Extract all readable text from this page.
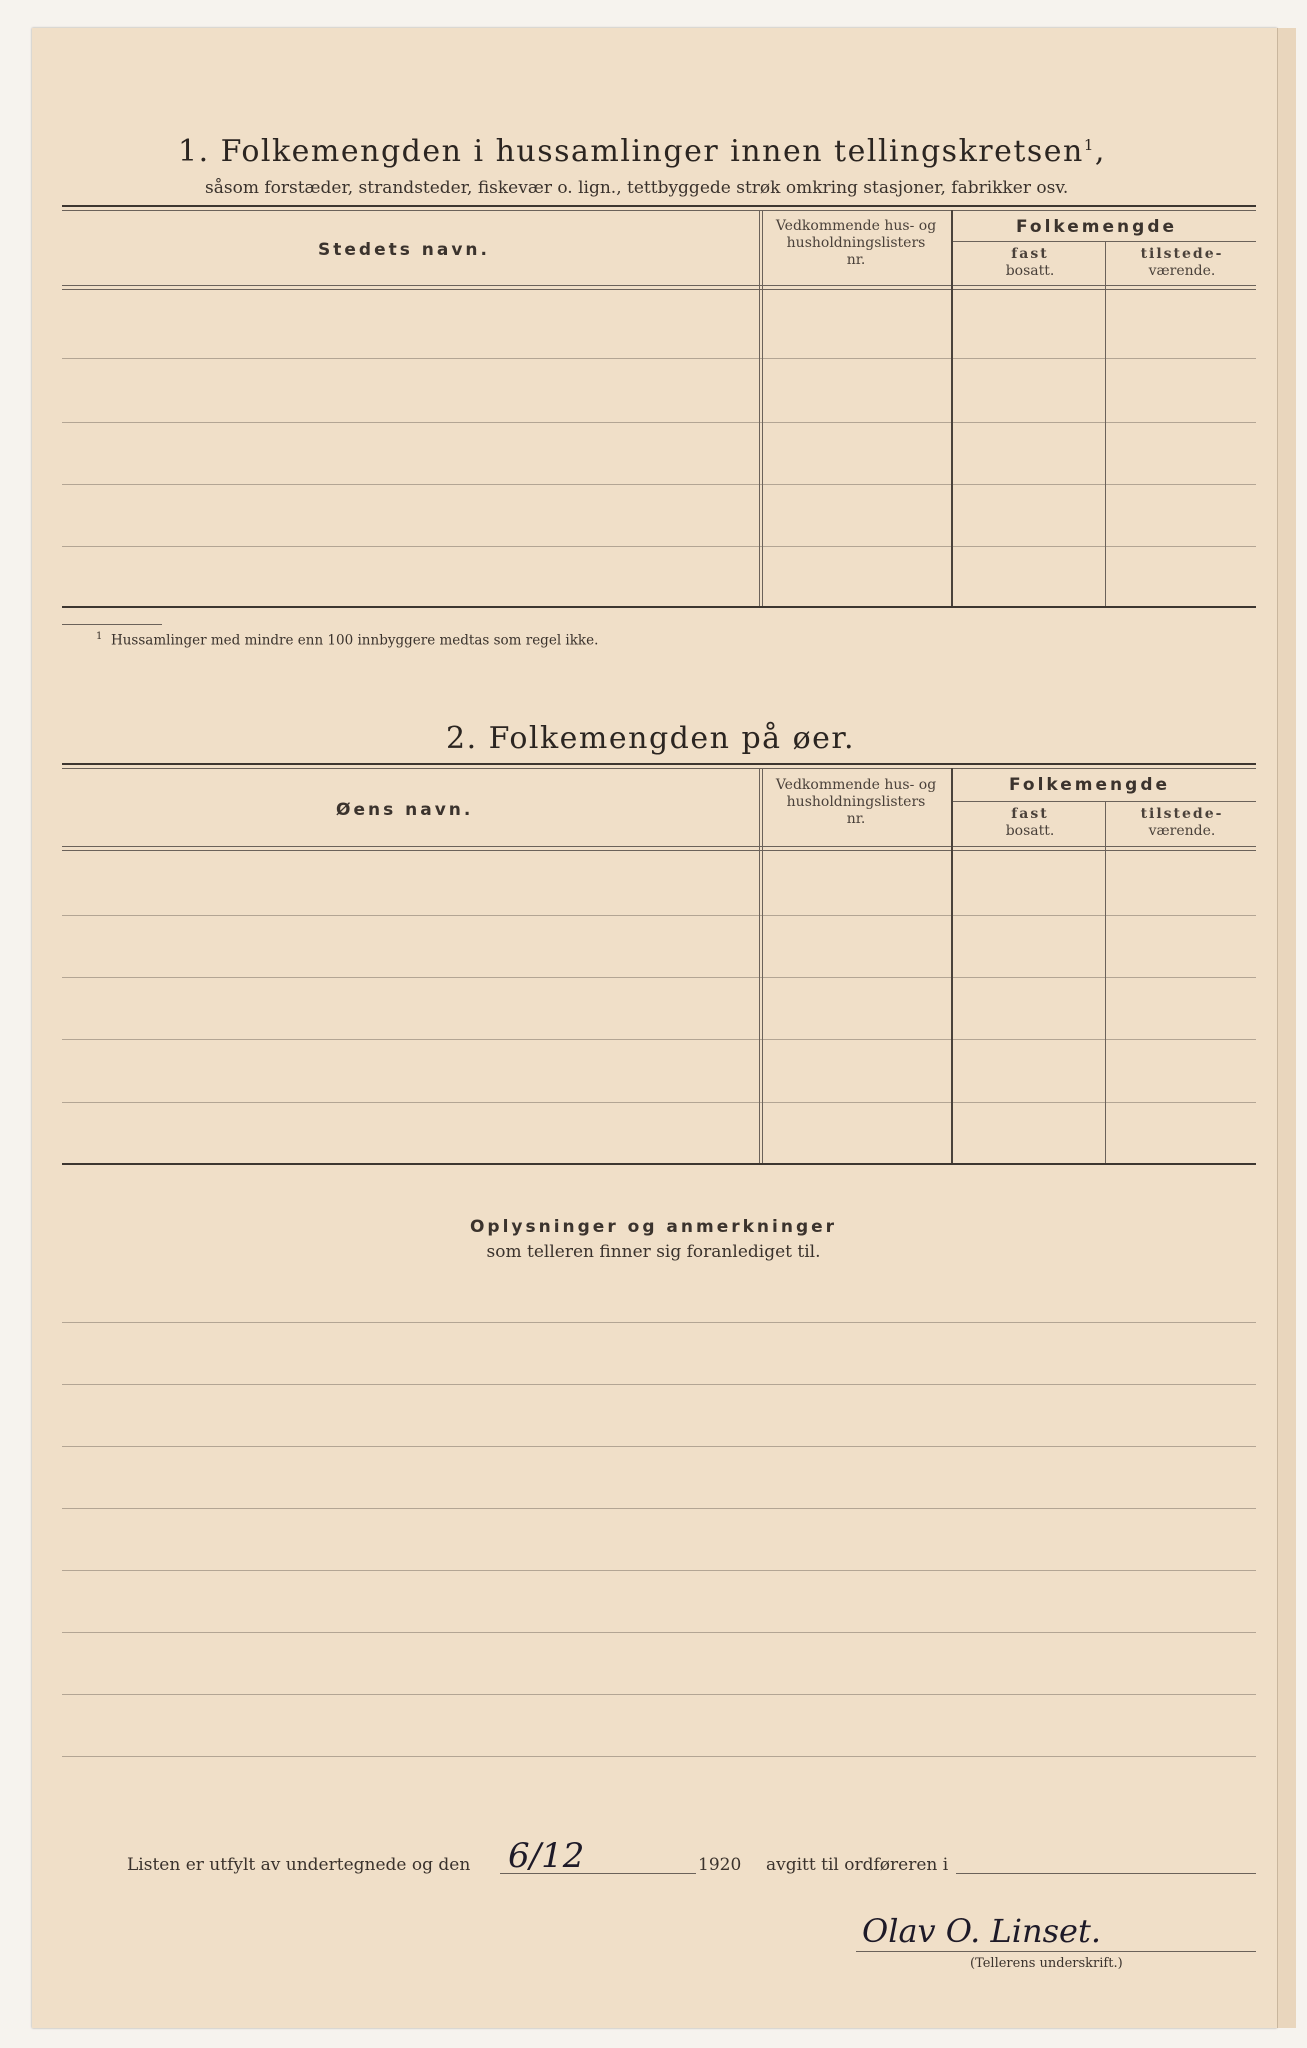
1. Folkemengden i hussamlinger innen tellingskretsen$^1$,
såsom forstæder, strandsteder, fiskevær o. lign., tettbyggede strøk omkring stasjoner, fabrikker osv.
Stedets navn.
Vedkommende hus- og
husholdningslisters
nr.
Folkemengde
fast
bosatt.
tilstede-
værende.
$^1$ Hussamlinger med mindre enn 100 innbyggere medtas som regel ikke.
2. Folkemengden på øer.
Øens navn.
Vedkommende hus- og
husholdningslisters
nr.
Folkemengde
fast
bosatt.
tilstede-
værende.
Oplysninger og anmerkninger
som telleren finner sig foranlediget til.
Listen er utfylt av undertegnede og den 6/12	1920 avgitt til ordføreren i
Olav O. Linset.
(Tellerens underskrift.)
